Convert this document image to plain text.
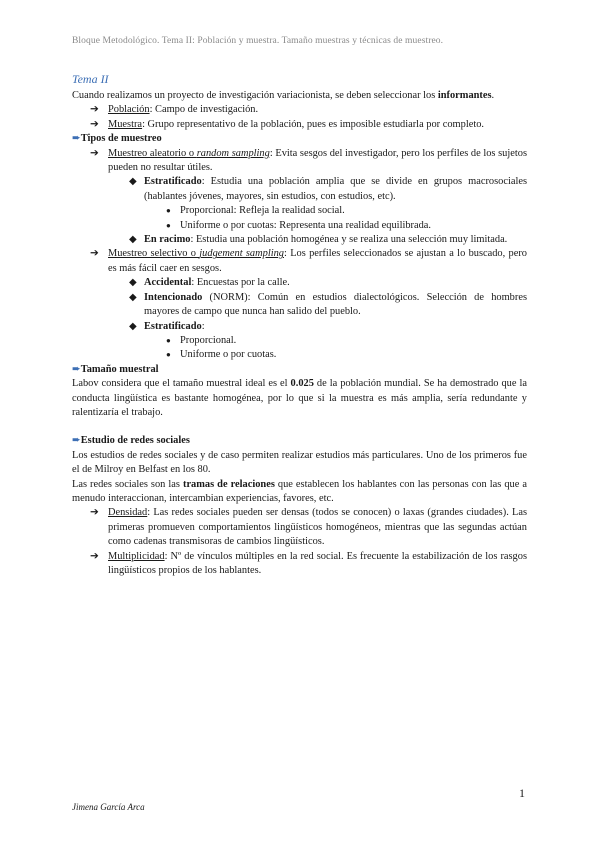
Bloque Metodológico. Tema II: Población y muestra. Tamaño muestras y técnicas de muestreo.
Tema II

Cuando realizamos un proyecto de investigación variacionista, se deben seleccionar los informantes.

➔ Población: Campo de investigación.
➔ Muestra: Grupo representativo de la población, pues es imposible estudiarla por completo.
➨Tipos de muestreo
➔ Muestreo aleatorio o random sampling: Evita sesgos del investigador, pero los perfiles de los sujetos pueden no resultar útiles.
◆ Estratificado: Estudia una población amplia que se divide en grupos macrosociales (hablantes jóvenes, mayores, sin estudios, con estudios, etc).
● Proporcional: Refleja la realidad social.
● Uniforme o por cuotas: Representa una realidad equilibrada.
◆ En racimo: Estudia una población homogénea y se realiza una selección muy limitada.
➔ Muestreo selectivo o judgement sampling: Los perfiles seleccionados se ajustan a lo buscado, pero es más fácil caer en sesgos.
◆ Accidental: Encuestas por la calle.
◆ Intencionado (NORM): Común en estudios dialectológicos. Selección de hombres mayores de campo que nunca han salido del pueblo.
◆ Estratificado:
● Proporcional.
● Uniforme o por cuotas.
➨Tamaño muestral

Labov considera que el tamaño muestral ideal es el 0.025 de la población mundial. Se ha demostrado que la conducta lingüística es bastante homogénea, por lo que si la muestra es más amplia, sería redundante y ralentizaría el trabajo.

➨Estudio de redes sociales

Los estudios de redes sociales y de caso permiten realizar estudios más particulares. Uno de los primeros fue el de Milroy en Belfast en los 80.

Las redes sociales son las tramas de relaciones que establecen los hablantes con las personas con las que a menudo interaccionan, intercambian experiencias, favores, etc.

➔ Densidad: Las redes sociales pueden ser densas (todos se conocen) o laxas (grandes ciudades). Las primeras promueven comportamientos lingüísticos homogéneos, mientras que las segundas actúan como cadenas transmisoras de cambios lingüísticos.
➔ Multiplicidad: Nº de vínculos múltiples en la red social. Es frecuente la estabilización de los rasgos lingüísticos propios de los hablantes.
1
Jimena García Arca
